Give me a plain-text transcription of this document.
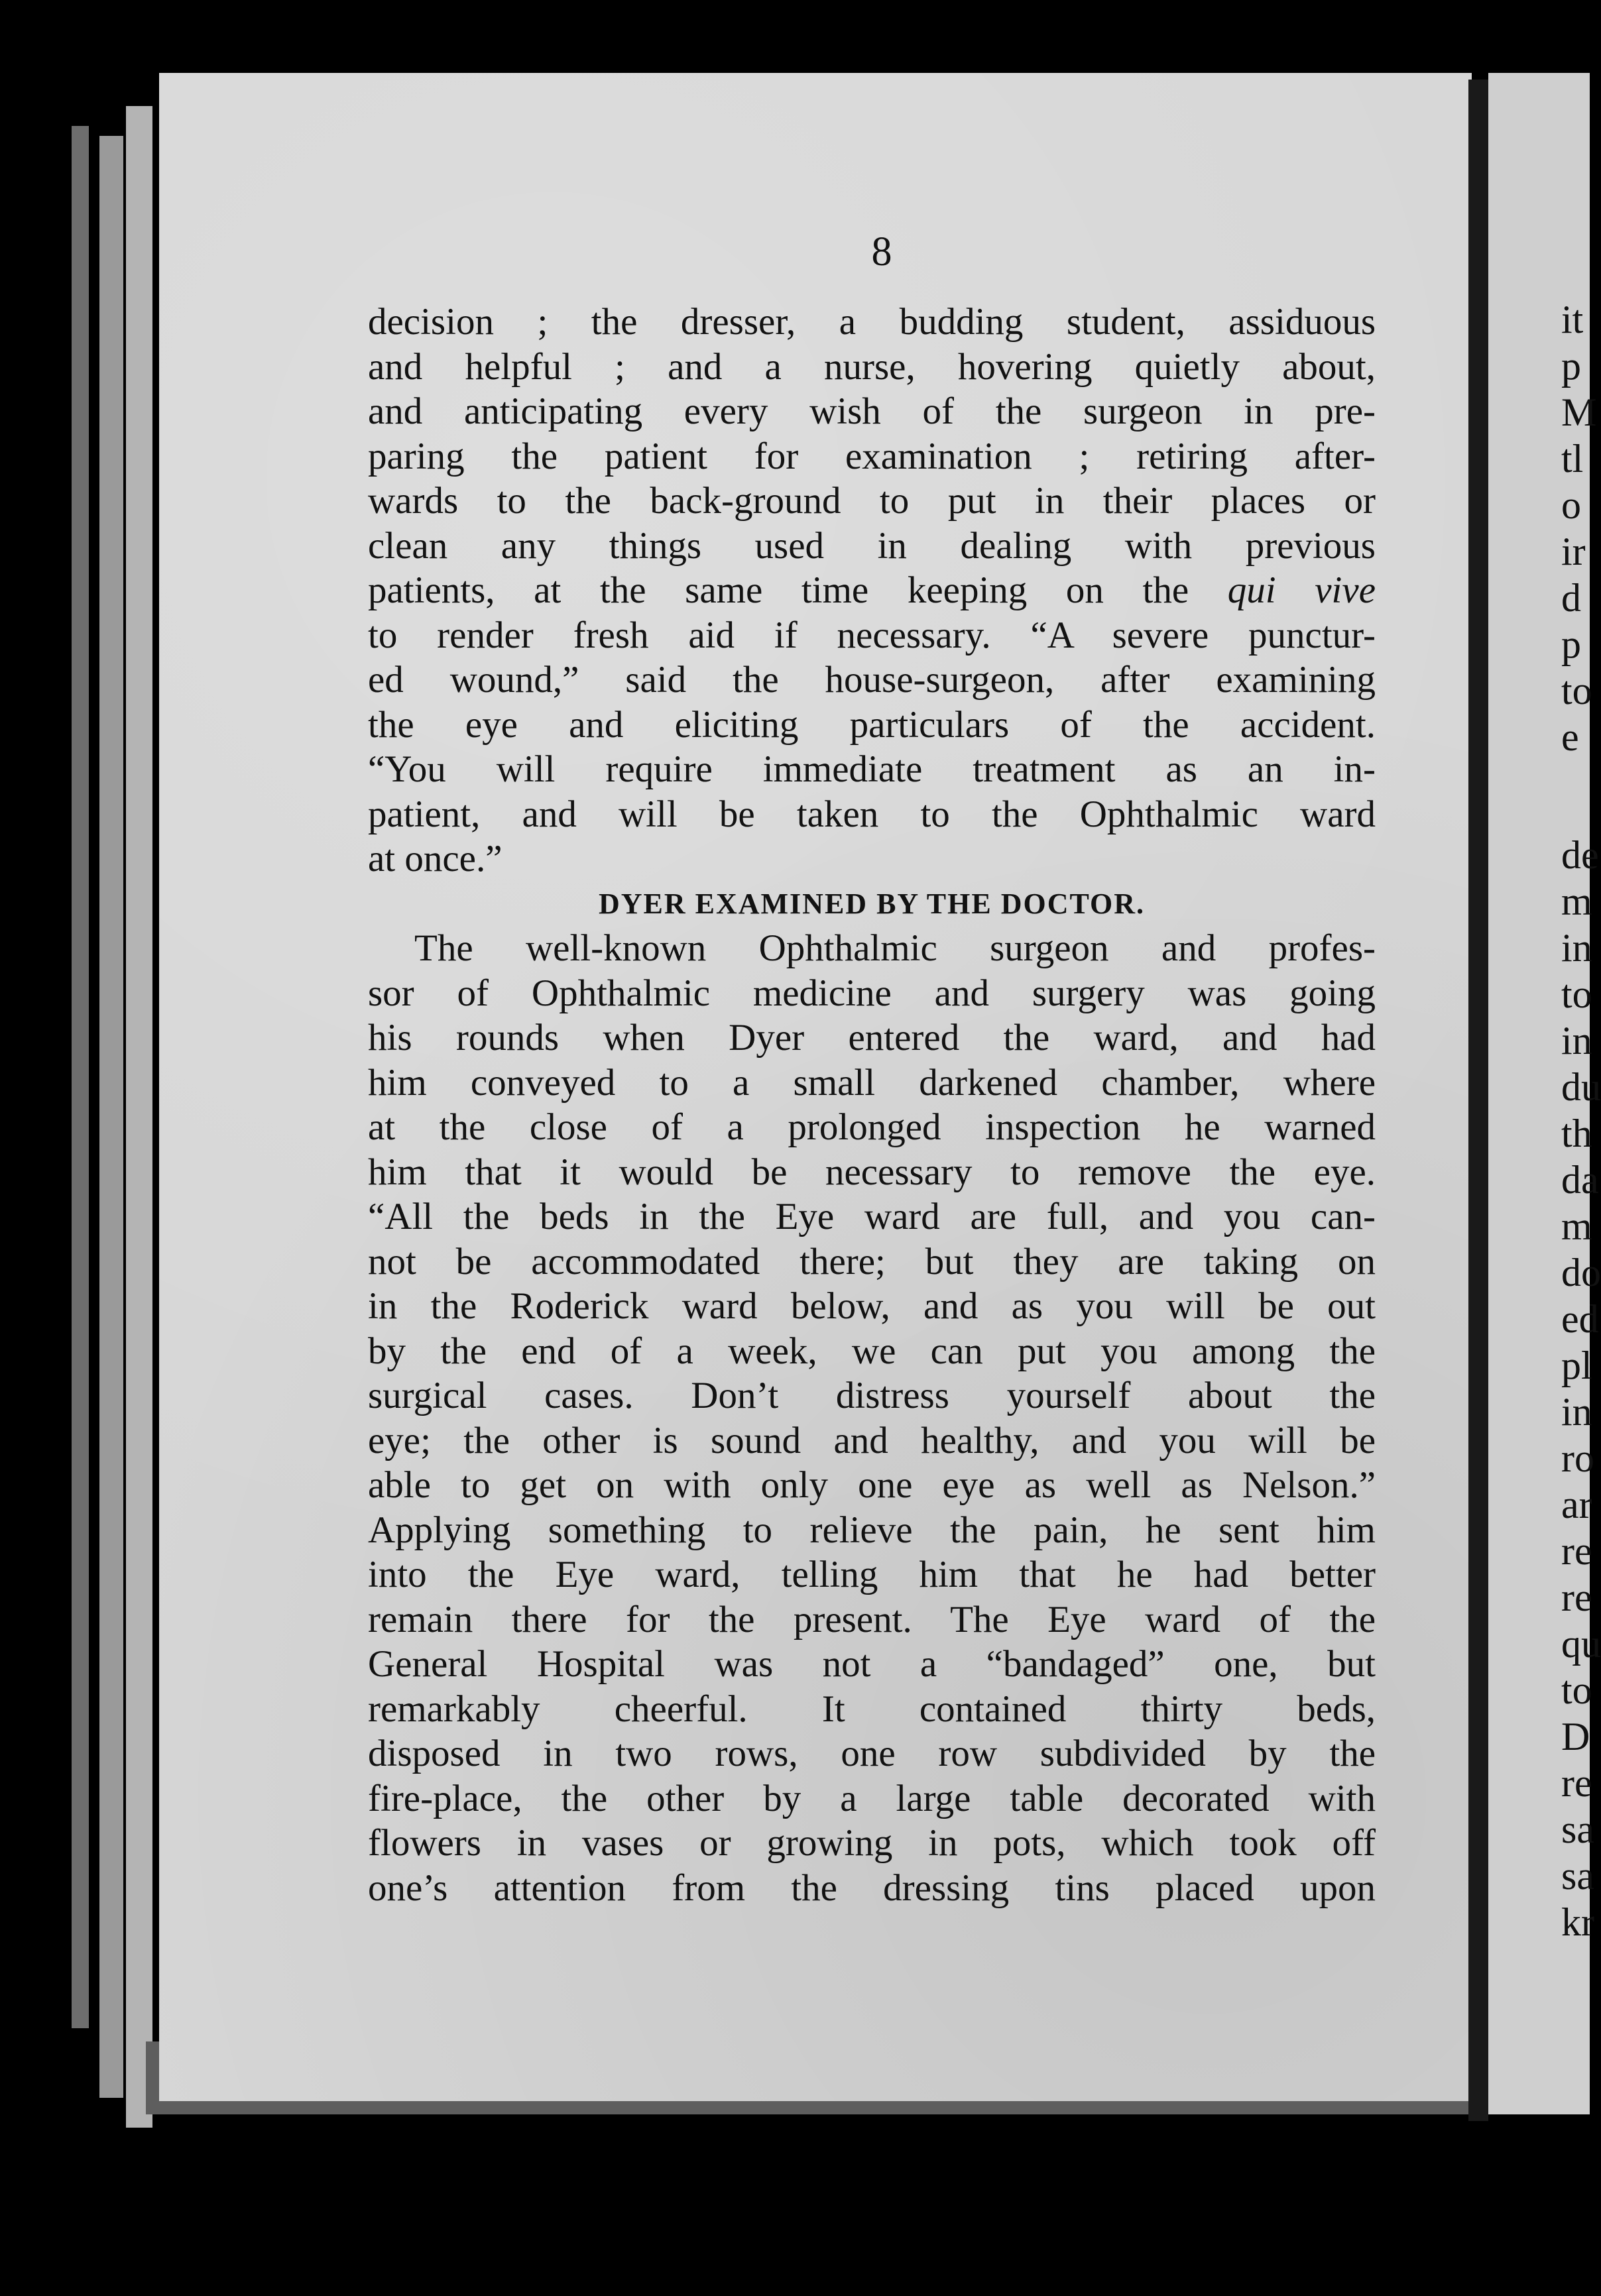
8
decision ; the dresser, a budding student, assiduous
and helpful ; and a nurse, hovering quietly about,
and anticipating every wish of the surgeon in pre-
paring the patient for examination ; retiring after-
wards to the back-ground to put in their places or
clean any things used in dealing with previous
patients, at the same time keeping on the qui vive
to render fresh aid if necessary. “A severe punctur-
ed wound,” said the house-surgeon, after examining
the eye and eliciting particulars of the accident.
“You will require immediate treatment as an in-
patient, and will be taken to the Ophthalmic ward
at once.”
DYER EXAMINED BY THE DOCTOR.
The well-known Ophthalmic surgeon and profes-
sor of Ophthalmic medicine and surgery was going
his rounds when Dyer entered the ward, and had
him conveyed to a small darkened chamber, where
at the close of a prolonged inspection he warned
him that it would be necessary to remove the eye.
“All the beds in the Eye ward are full, and you can-
not be accommodated there; but they are taking on
in the Roderick ward below, and as you will be out
by the end of a week, we can put you among the
surgical cases. Don’t distress yourself about the
eye; the other is sound and healthy, and you will be
able to get on with only one eye as well as Nelson.”
Applying something to relieve the pain, he sent him
into the Eye ward, telling him that he had better
remain there for the present. The Eye ward of the
General Hospital was not a “bandaged” one, but
remarkably cheerful. It contained thirty beds,
disposed in two rows, one row subdivided by the
fire-place, the other by a large table decorated with
flowers in vases or growing in pots, which took off
one’s attention from the dressing tins placed upon
it
p
M
tl
o
ir
d
p
to
e
de
m
in
to
in
du
th
da
m
do
ed
pl
in
ro
ar
re
re
qu
to
D
re
sa
sa
kr
